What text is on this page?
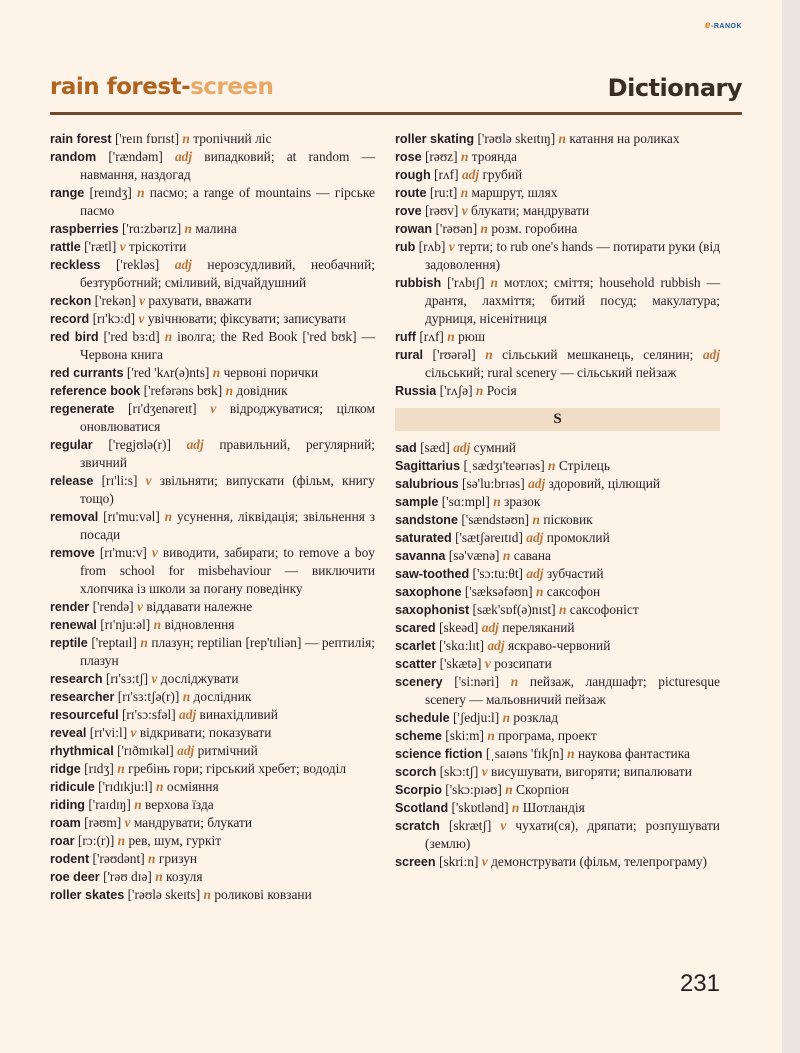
e-RANOK
rain forest-screen	Dictionary
rain forest ['reɪn fɒrɪst] n тропічний ліс
random ['rændəm] adj випадковий; at random — навмання, наздогад
range [reɪndʒ] n пасмо; a range of mountains — гірське пасмо
raspberries ['rɑ:zbərɪz] n малина
rattle ['rætl] v тріскотіти
reckless ['rekləs] adj нерозсудливий, необачний; безтурботний; сміливий, відчайдушний
reckon ['rekən] v рахувати, вважати
record [rɪ'kɔ:d] v увічнювати; фіксувати; записувати
red bird ['red bɜ:d] n іволга; the Red Book ['red bʊk] — Червона книга
red currants ['red 'kʌr(ə)nts] n червоні порички
reference book ['refərəns bʊk] n довідник
regenerate [rɪ'dʒenəreɪt] v відроджуватися; цілком оновлюватися
regular ['regjʊlə(r)] adj правильний, регулярний; звичний
release [rɪ'li:s] v звільняти; випускати (фільм, книгу тощо)
removal [rɪ'mu:vəl] n усунення, ліквідація; звільнення з посади
remove [rɪ'mu:v] v виводити, забирати; to remove a boy from school for misbehaviour — виключити хлопчика із школи за погану поведінку
render ['rendə] v віддавати належне
renewal [rɪ'nju:əl] n відновлення
reptile ['reptaɪl] n плазун; reptilian [rep'tɪliən] — рептилія; плазун
research [rɪ'sɜ:tʃ] v досліджувати
researcher [rɪ'sɜ:tʃə(r)] n дослідник
resourceful [rɪ'sɔ:sfəl] adj винахідливий
reveal [rɪ'vi:l] v відкривати; показувати
rhythmical ['rɪðmɪkəl] adj ритмічний
ridge [rɪdʒ] n гребінь гори; гірський хребет; вододіл
ridicule ['rɪdɪkju:l] n осміяння
riding ['raɪdɪŋ] n верхова їзда
roam [rəʊm] v мандрувати; блукати
roar [rɔ:(r)] n рев, шум, гуркіт
rodent ['rəʊdənt] n гризун
roe deer ['rəʊ dɪə] n козуля
roller skates ['rəʊlə skeɪts] n роликові ковзани
roller skating ['rəʊlə skeɪtɪŋ] n катання на роликах
rose [rəʊz] n троянда
rough [rʌf] adj грубий
route [ru:t] n маршрут, шлях
rove [rəʊv] v блукати; мандрувати
rowan ['rəʊən] n розм. горобина
rub [rʌb] v терти; to rub one's hands — потирати руки (від задоволення)
rubbish ['rʌbɪʃ] n мотлох; сміття; household rubbish — дрантя, лахміття; битий посуд; макулатура; дурниця, нісенітниця
ruff [rʌf] n рюш
rural ['rʊərəl] n сільський мешканець, селянин; adj сільський; rural scenery — сільський пейзаж
Russia ['rʌʃə] n Росія
S
sad [sæd] adj сумний
Sagittarius [ˌsædʒɪ'teərɪəs] n Стрілець
salubrious [sə'lu:brɪəs] adj здоровий, цілющий
sample ['sɑ:mpl] n зразок
sandstone ['sændstəʊn] n пісковик
saturated ['sætʃəreɪtɪd] adj промоклий
savanna [sə'vænə] n савана
saw-toothed ['sɔ:tu:θt] adj зубчастий
saxophone ['sæksəfəʊn] n саксофон
saxophonist [sæk'sɒf(ə)nɪst] n саксофоніст
scared [skeəd] adj переляканий
scarlet ['skɑ:lɪt] adj яскраво-червоний
scatter ['skætə] v розсипати
scenery ['si:nəri] n пейзаж, ландшафт; picturesque scenery — мальовничий пейзаж
schedule ['ʃedju:l] n розклад
scheme [ski:m] n програма, проект
science fiction [ˌsaɪəns 'fɪkʃn] n наукова фантастика
scorch [skɔ:tʃ] v висушувати, вигоряти; випалювати
Scorpio ['skɔ:pɪəʊ] n Скорпіон
Scotland ['skɒtlənd] n Шотландія
scratch [skrætʃ] v чухати(ся), дряпати; розпушувати (землю)
screen [skri:n] v демонструвати (фільм, телепрограму)
231
